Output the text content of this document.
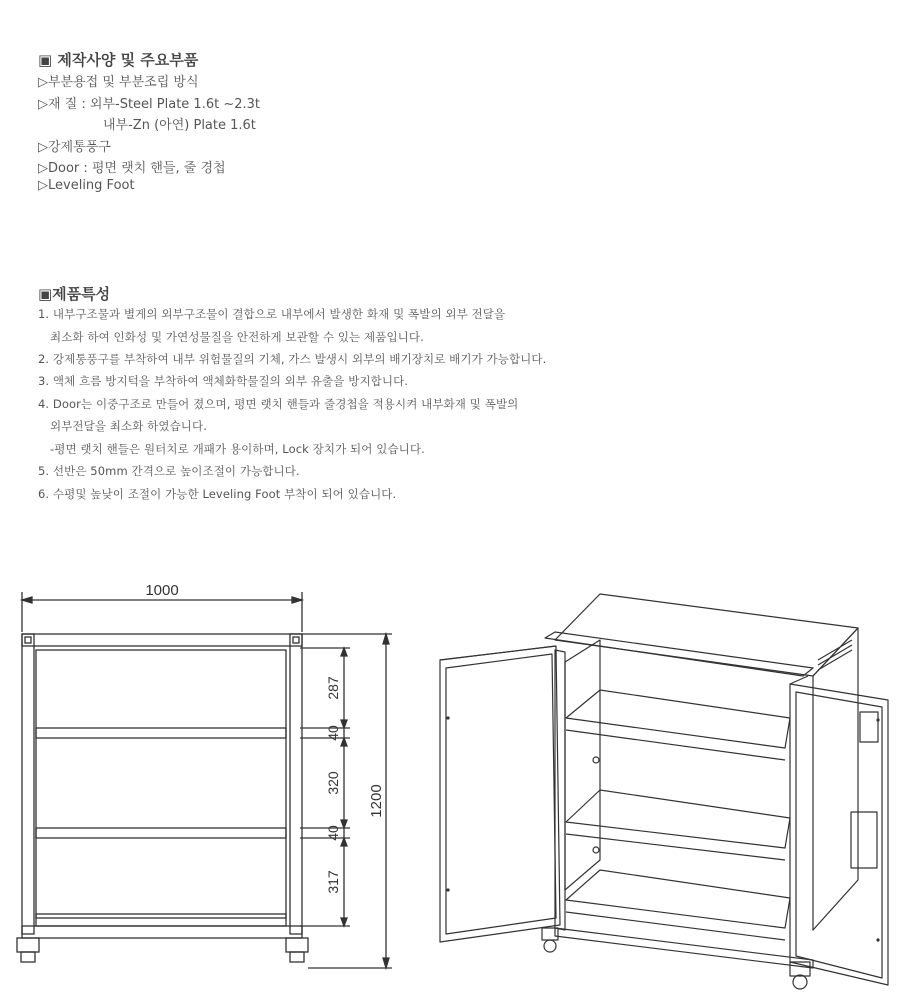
▣ 제작사양 및 주요부품
▷부분용접 및 부분조립 방식
▷재 질 : 외부-Steel Plate 1.6t ~2.3t
내부-Zn (아연) Plate 1.6t
▷강제통풍구
▷Door : 평면 랫치 핸들, 줄 경첩
▷Leveling Foot
▣제품특성
1. 내부구조물과 별게의 외부구조물이 결합으로 내부에서 발생한 화재 및 폭발의 외부 전달을
최소화 하여 인화성 및 가연성물질을 안전하게 보관할 수 있는 제품입니다.
2. 강제통풍구를 부착하여 내부 위험물질의 기체, 가스 발생시 외부의 배기장치로 배기가 가능합니다.
3. 액체 흐름 방지턱을 부착하여 액체화학물질의 외부 유출을 방지합니다.
4. Door는 이중구조로 만들어 졌으며, 평면 랫치 핸들과 줄경첩을 적용시켜 내부화재 및 폭발의
외부전달을 최소화 하였습니다.
-평면 랫치 핸들은 원터치로 개패가 용이하며, Lock 장치가 되어 있습니다.
5. 선반은 50mm 간격으로 높이조절이 가능합니다.
6. 수평및 높낮이 조절이 가능한 Leveling Foot 부착이 되어 있습니다.
1000
1200
287
40
320
40
317
